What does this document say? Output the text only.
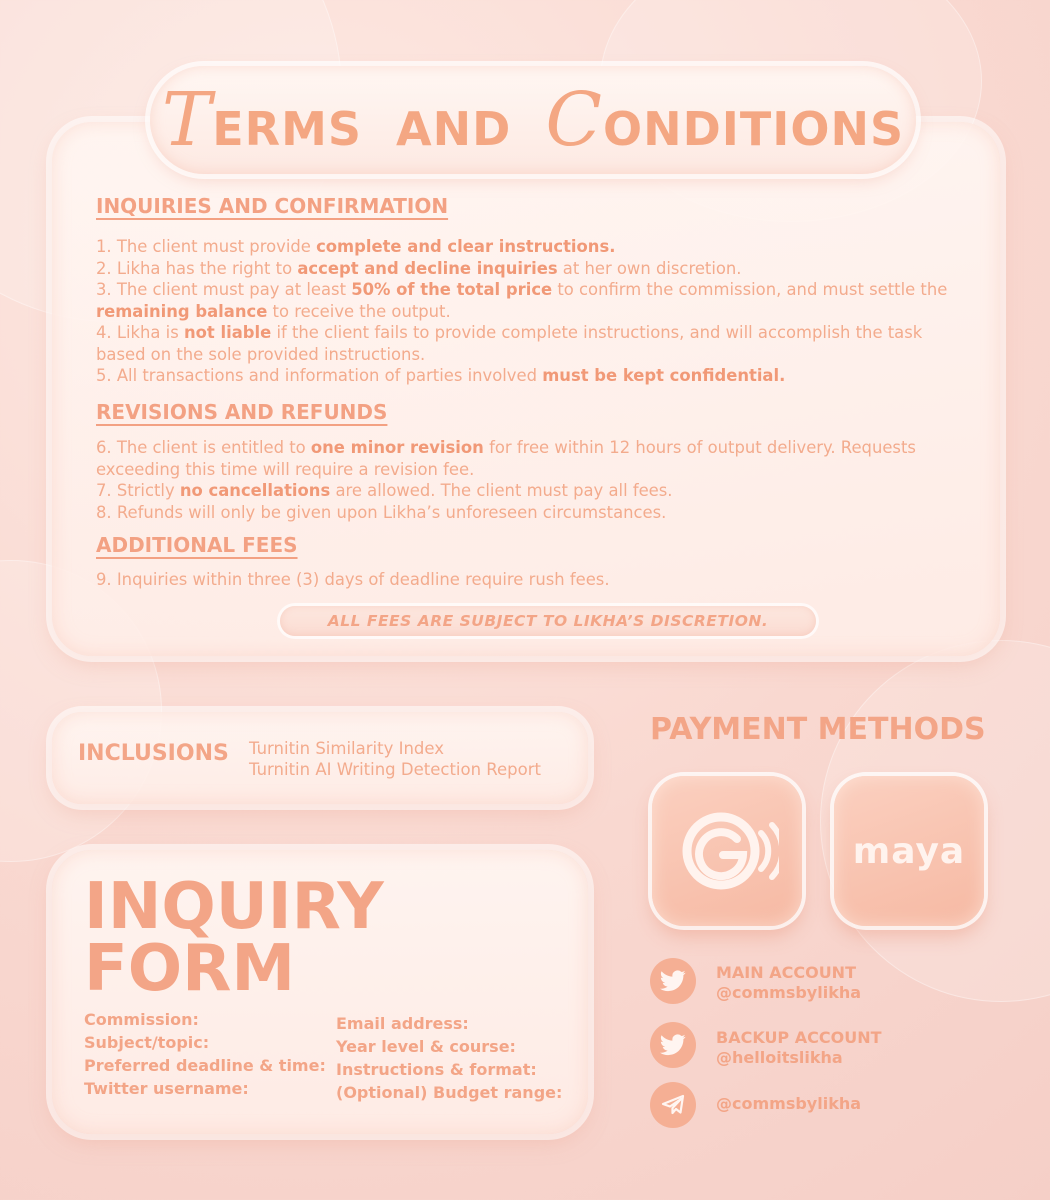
TERMS AND CONDITIONS
INQUIRIES AND CONFIRMATION

1. The client must provide complete and clear instructions.

2. Likha has the right to accept and decline inquiries at her own discretion.

3. The client must pay at least 50% of the total price to confirm the commission, and must settle the remaining balance to receive the output.

4. Likha is not liable if the client fails to provide complete instructions, and will accomplish the task based on the sole provided instructions.

5. All transactions and information of parties involved must be kept confidential.

REVISIONS AND REFUNDS

6. The client is entitled to one minor revision for free within 12 hours of output delivery. Requests exceeding this time will require a revision fee.

7. Strictly no cancellations are allowed. The client must pay all fees.

8. Refunds will only be given upon Likha’s unforeseen circumstances.

ADDITIONAL FEES

9. Inquiries within three (3) days of deadline require rush fees.

ALL FEES ARE SUBJECT TO LIKHA’S DISCRETION.
INCLUSIONS Turnitin Similarity Index
Turnitin AI Writing Detection Report
PAYMENT METHODS
maya
INQUIRY
FORM
Commission:
Subject/topic:
Preferred deadline & time:
Twitter username:
Email address:
Year level & course:
Instructions & format:
(Optional) Budget range:
MAIN ACCOUNT
@commsbylikha
BACKUP ACCOUNT
@helloitslikha
@commsbylikha
